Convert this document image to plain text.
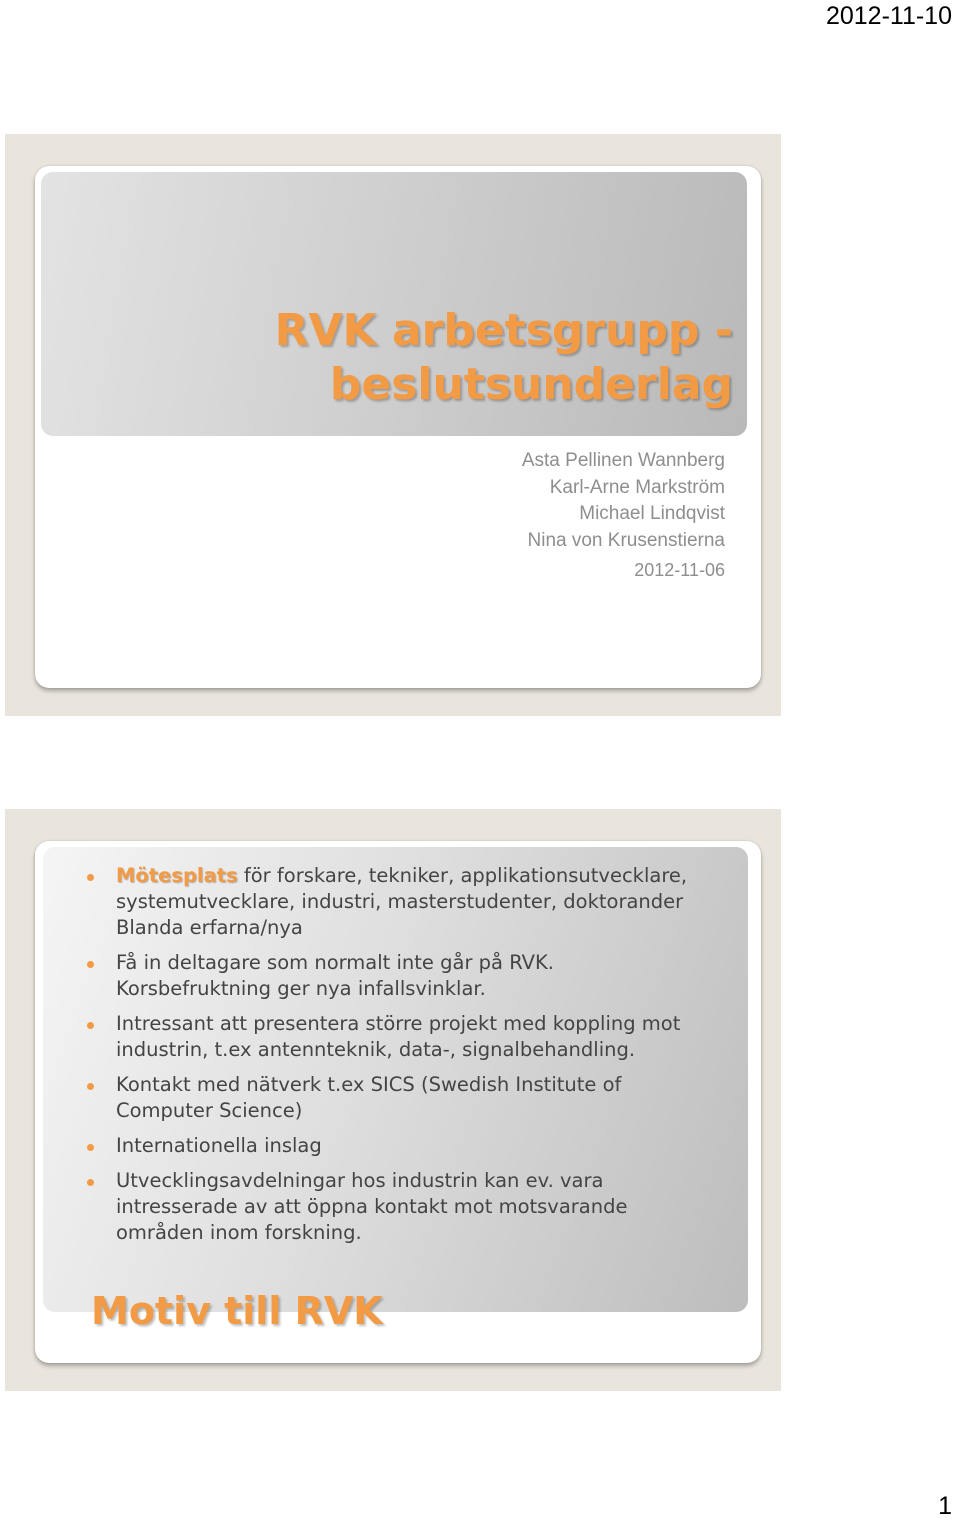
2012-11-10
RVK arbetsgrupp -
beslutsunderlag
Asta Pellinen Wannberg
Karl-Arne Markström
Michael Lindqvist
Nina von Krusenstierna
2012-11-06
Mötesplats för forskare, tekniker, applikationsutvecklare,
systemutvecklare, industri, masterstudenter, doktorander
Blanda erfarna/nya
Få in deltagare som normalt inte går på RVK.
Korsbefruktning ger nya infallsvinklar.
Intressant att presentera större projekt med koppling mot
industrin, t.ex antennteknik, data-, signalbehandling.
Kontakt med nätverk t.ex SICS (Swedish Institute of
Computer Science)
Internationella inslag
Utvecklingsavdelningar hos industrin kan ev. vara
intresserade av att öppna kontakt mot motsvarande
områden inom forskning.
Motiv till RVK
1
